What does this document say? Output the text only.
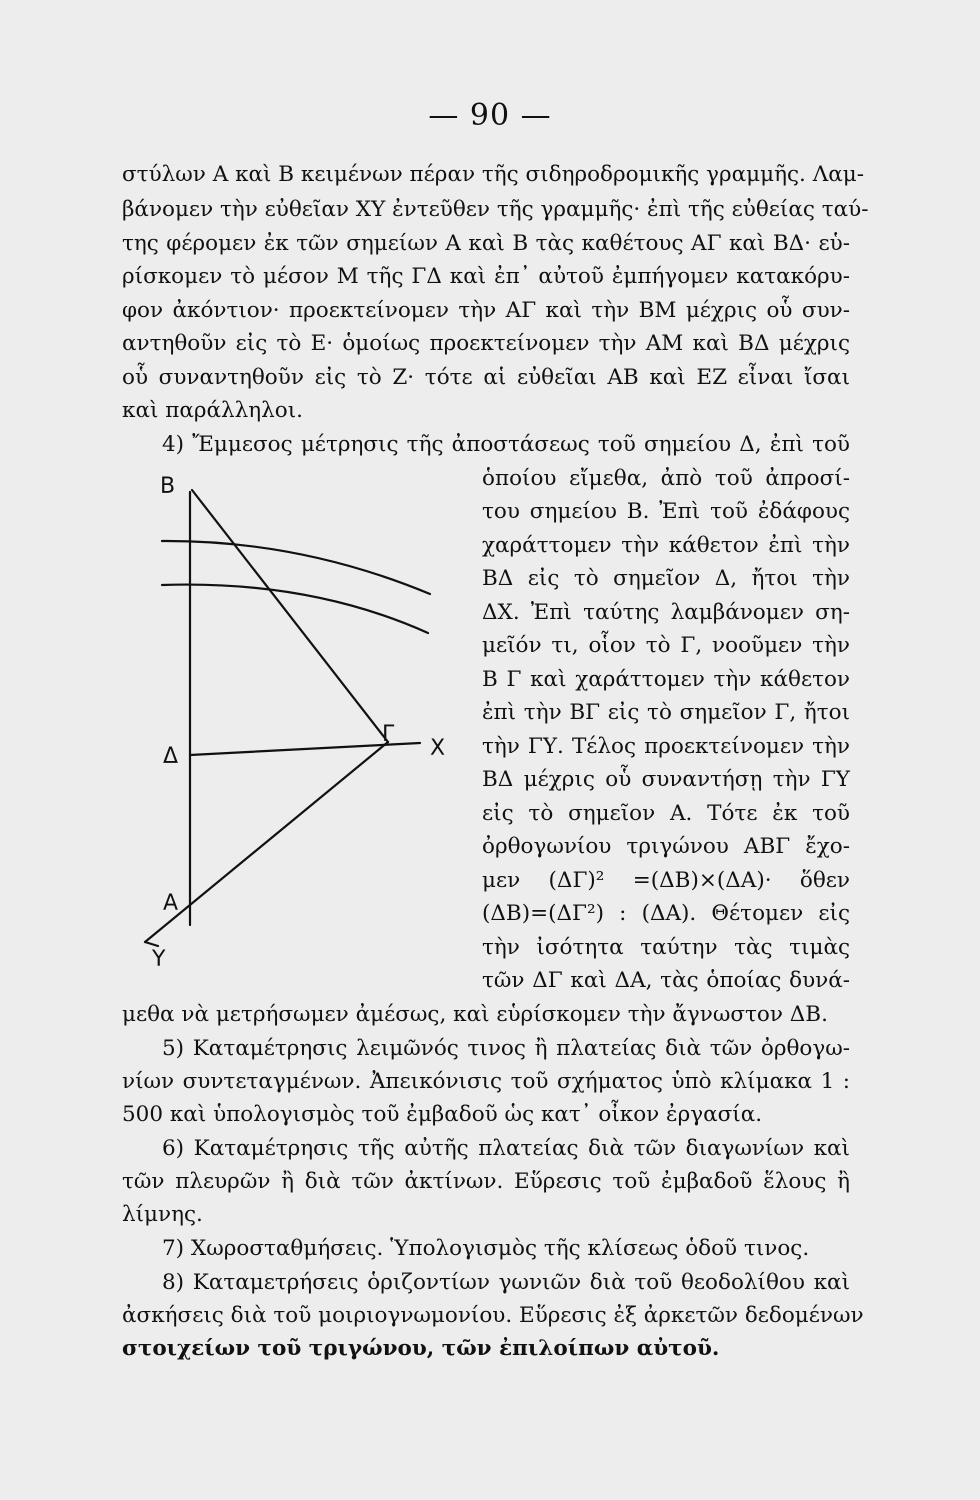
— 90 —
στύλων Α καὶ Β κειμένων πέραν τῆς σιδηροδρομικῆς γραμμῆς. Λαμ-
βάνομεν τὴν εὐθεῖαν ΧΥ ἐντεῦθεν τῆς γραμμῆς· ἐπὶ τῆς εὐθείας ταύ-
της φέρομεν ἐκ τῶν σημείων Α καὶ Β τὰς καθέτους ΑΓ καὶ ΒΔ· εὑ-
ρίσκομεν τὸ μέσον Μ τῆς ΓΔ καὶ ἐπ᾿ αὐτοῦ ἐμπήγομεν κατακόρυ-
φον ἀκόντιον· προεκτείνομεν τὴν ΑΓ καὶ τὴν ΒΜ μέχρις οὗ συν-
αντηθοῦν εἰς τὸ Ε· ὁμοίως προεκτείνομεν τὴν ΑΜ καὶ ΒΔ μέχρις
οὗ συναντηθοῦν εἰς τὸ Ζ· τότε αἱ εὐθεῖαι ΑΒ καὶ ΕΖ εἶναι ἴσαι
καὶ παράλληλοι.
4) Ἔμμεσος μέτρησις τῆς ἀποστάσεως τοῦ σημείου Δ, ἐπὶ τοῦ
ὁποίου εἴμεθα, ἀπὸ τοῦ ἀπροσί-
του σημείου Β. Ἐπὶ τοῦ ἐδάφους
χαράττομεν τὴν κάθετον ἐπὶ τὴν
ΒΔ εἰς τὸ σημεῖον Δ, ἤτοι τὴν
ΔΧ. Ἐπὶ ταύτης λαμβάνομεν ση-
μεῖόν τι, οἷον τὸ Γ, νοοῦμεν τὴν
Β Γ καὶ χαράττομεν τὴν κάθετον
ἐπὶ τὴν ΒΓ εἰς τὸ σημεῖον Γ, ἤτοι
τὴν ΓΥ. Τέλος προεκτείνομεν τὴν
ΒΔ μέχρις οὗ συναντήσῃ τὴν ΓΥ
εἰς τὸ σημεῖον Α. Τότε ἐκ τοῦ
ὀρθογωνίου τριγώνου ΑΒΓ ἔχο-
μεν (ΔΓ)² =(ΔΒ)×(ΔΑ)· ὅθεν
(ΔΒ)=(ΔΓ²) : (ΔΑ). Θέτομεν εἰς
τὴν ἰσότητα ταύτην τὰς τιμὰς
τῶν ΔΓ καὶ ΔΑ, τὰς ὁποίας δυνά-
μεθα νὰ μετρήσωμεν ἀμέσως, καὶ εὑρίσκομεν τὴν ἄγνωστον ΔΒ.
5) Καταμέτρησις λειμῶνός τινος ἢ πλατείας διὰ τῶν ὀρθογω-
νίων συντεταγμένων. Ἀπεικόνισις τοῦ σχήματος ὑπὸ κλίμακα 1 :
500 καὶ ὑπολογισμὸς τοῦ ἐμβαδοῦ ὡς κατ᾿ οἶκον ἐργασία.
6) Καταμέτρησις τῆς αὐτῆς πλατείας διὰ τῶν διαγωνίων καὶ
τῶν πλευρῶν ἢ διὰ τῶν ἀκτίνων. Εὕρεσις τοῦ ἐμβαδοῦ ἕλους ἢ
λίμνης.
7) Χωροσταθμήσεις. Ὑπολογισμὸς τῆς κλίσεως ὁδοῦ τινος.
8) Καταμετρήσεις ὁριζοντίων γωνιῶν διὰ τοῦ θεοδολίθου καὶ
ἀσκήσεις διὰ τοῦ μοιριογνωμονίου. Εὕρεσις ἐξ ἀρκετῶν δεδομένων
στοιχείων τοῦ τριγώνου, τῶν ἐπιλοίπων αὐτοῦ.
Β
Δ
Γ
Χ
Α
Υ
